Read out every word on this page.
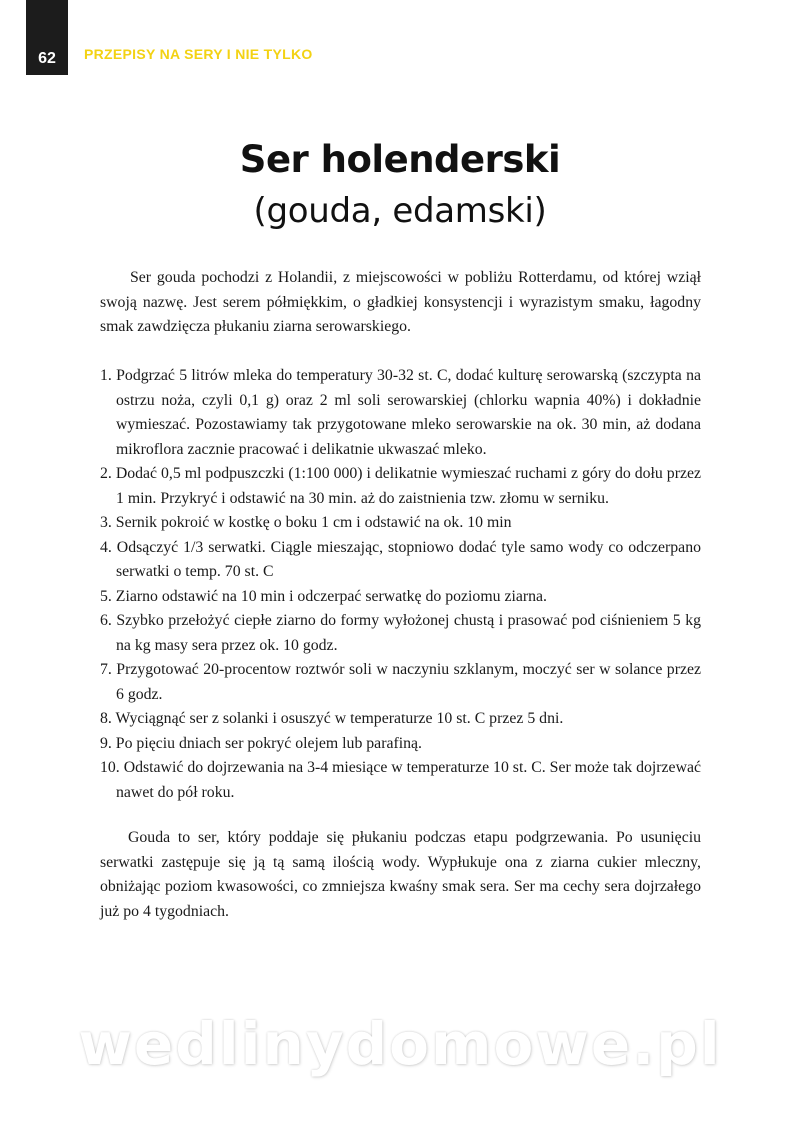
62	PRZEPISY NA SERY I NIE TYLKO
Ser holenderski
(gouda, edamski)

Ser gouda pochodzi z Holandii, z miejscowości w pobliżu Rotterdamu, od której wziął swoją nazwę. Jest serem półmiękkim, o gładkiej konsystencji i wyrazistym smaku, łagodny smak zawdzięcza płukaniu ziarna serowarskiego.

1. Podgrzać 5 litrów mleka do temperatury 30-32 st. C, dodać kulturę serowarską (szczypta na ostrzu noża, czyli 0,1 g) oraz 2 ml soli serowarskiej (chlorku wapnia 40%) i dokładnie wymieszać. Pozostawiamy tak przygotowane mleko serowarskie na ok. 30 min, aż dodana mikroflora zacznie pracować i delikatnie ukwaszać mleko.
2. Dodać 0,5 ml podpuszczki (1:100 000) i delikatnie wymieszać ruchami z góry do dołu przez 1 min. Przykryć i odstawić na 30 min. aż do zaistnienia tzw. złomu w serniku.
3. Sernik pokroić w kostkę o boku 1 cm i odstawić na ok. 10 min
4. Odsączyć 1/3 serwatki. Ciągle mieszając, stopniowo dodać tyle samo wody co odczerpano serwatki o temp. 70 st. C
5. Ziarno odstawić na 10 min i odczerpać serwatkę do poziomu ziarna.
6. Szybko przełożyć ciepłe ziarno do formy wyłożonej chustą i prasować pod ciśnieniem 5 kg na kg masy sera przez ok. 10 godz.
7. Przygotować 20-procentow roztwór soli w naczyniu szklanym, moczyć ser w solance przez 6 godz.
8. Wyciągnąć ser z solanki i osuszyć w temperaturze 10 st. C przez 5 dni.
9. Po pięciu dniach ser pokryć olejem lub parafiną.
10. Odstawić do dojrzewania na 3-4 miesiące w temperaturze 10 st. C. Ser może tak dojrzewać nawet do pół roku.

Gouda to ser, który poddaje się płukaniu podczas etapu podgrzewania. Po usunięciu serwatki zastępuje się ją tą samą ilością wody. Wypłukuje ona z ziarna cukier mleczny, obniżając poziom kwasowości, co zmniejsza kwaśny smak sera. Ser ma cechy sera dojrzałego już po 4 tygodniach.

wedlinydomowe.pl
